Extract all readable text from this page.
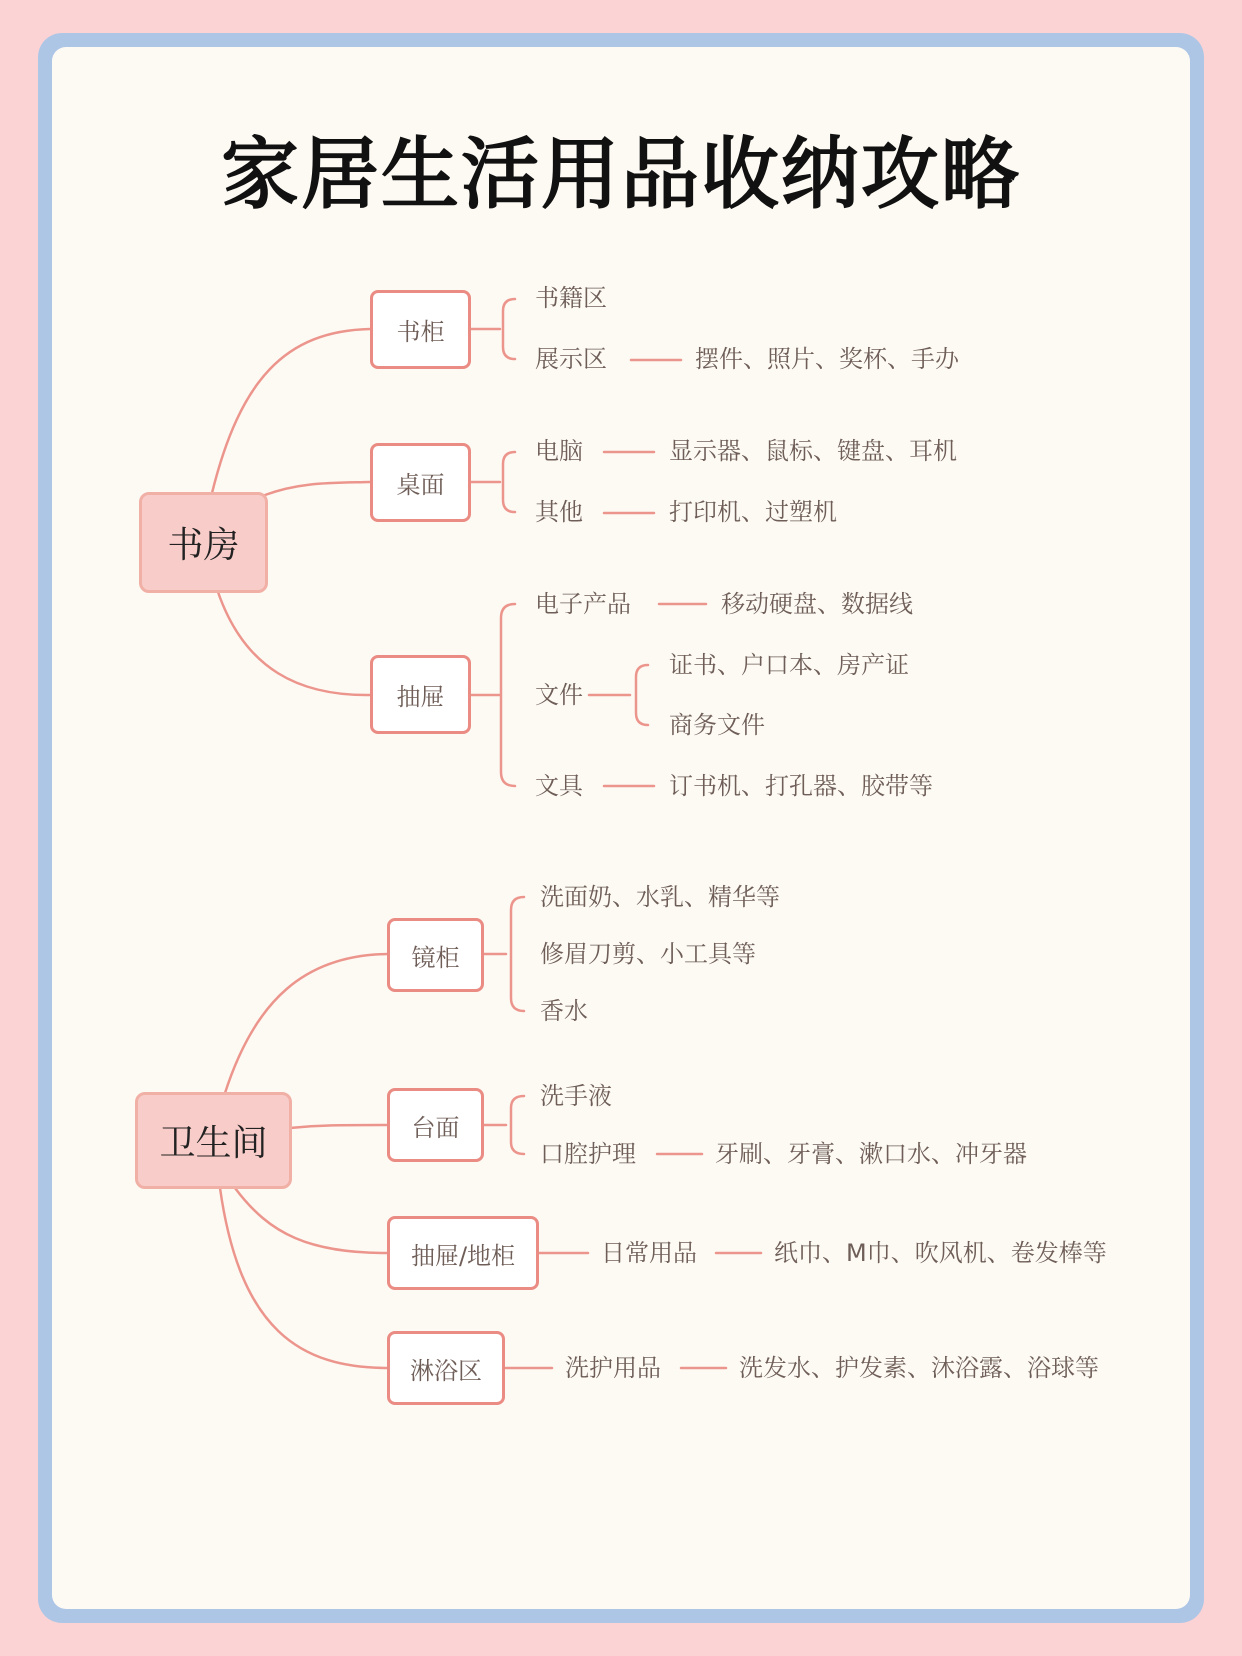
家居生活用品收纳攻略
书房
书柜
书籍区
展示区	摆件、照片、奖杯、手办
桌面
电脑	显示器、鼠标、键盘、耳机
其他	打印机、过塑机
抽屉
电子产品	移动硬盘、数据线
文件
证书、户口本、房产证
商务文件
文具	订书机、打孔器、胶带等
卫生间
镜柜
洗面奶、水乳、精华等
修眉刀剪、小工具等
香水
台面
洗手液
口腔护理	牙刷、牙膏、漱口水、冲牙器
抽屉/地柜	日常用品	纸巾、M巾、吹风机、卷发棒等
淋浴区	洗护用品	洗发水、护发素、沐浴露、浴球等
